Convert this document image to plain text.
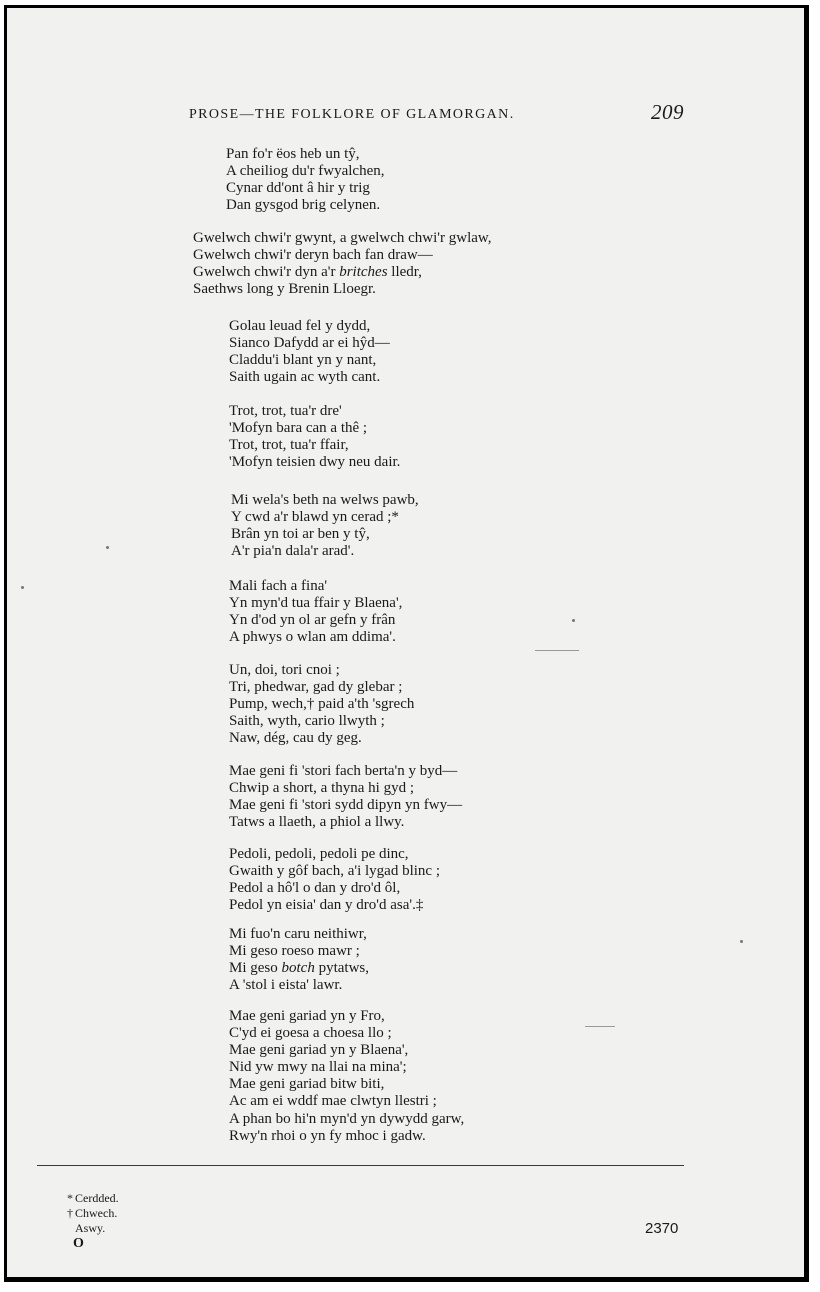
PROSE—THE FOLKLORE OF GLAMORGAN.	209
Pan fo'r ëos heb un tŷ,
A cheiliog du'r fwyalchen,
Cynar dd'ont â hir y trig
Dan gysgod brig celynen.
Gwelwch chwi'r gwynt, a gwelwch chwi'r gwlaw,
Gwelwch chwi'r deryn bach fan draw—
Gwelwch chwi'r dyn a'r britches lledr,
Saethws long y Brenin Lloegr.
Golau leuad fel y dydd,
Sianco Dafydd ar ei hŷd—
Claddu'i blant yn y nant,
Saith ugain ac wyth cant.
Trot, trot, tua'r dre'
'Mofyn bara can a thê ;
Trot, trot, tua'r ffair,
'Mofyn teisien dwy neu dair.
Mi wela's beth na welws pawb,
Y cwd a'r blawd yn cerad ;*
Brân yn toi ar ben y tŷ,
A'r pia'n dala'r arad'.
Mali fach a fina'
Yn myn'd tua ffair y Blaena',
Yn d'od yn ol ar gefn y frân
A phwys o wlan am ddima'.
Un, doi, tori cnoi ;
Tri, phedwar, gad dy glebar ;
Pump, wech,† paid a'th 'sgrech
Saith, wyth, cario llwyth ;
Naw, dég, cau dy geg.
Mae geni fi 'stori fach berta'n y byd—
Chwip a short, a thyna hi gyd ;
Mae geni fi 'stori sydd dipyn yn fwy—
Tatws a llaeth, a phiol a llwy.
Pedoli, pedoli, pedoli pe dinc,
Gwaith y gôf bach, a'i lygad blinc ;
Pedol a hô'l o dan y dro'd ôl,
Pedol yn eisia' dan y dro'd asa'.‡
Mi fuo'n caru neithiwr,
Mi geso roeso mawr ;
Mi geso botch pytatws,
A 'stol i eista' lawr.
Mae geni gariad yn y Fro,
C'yd ei goesa a choesa llo ;
Mae geni gariad yn y Blaena',
Nid yw mwy na llai na mina';
Mae geni gariad bitw biti,
Ac am ei wddf mae clwtyn llestri ;
A phan bo hi'n myn'd yn dywydd garw,
Rwy'n rhoi o yn fy mhoc i gadw.
* Cerdded.
† Chwech.
Aswy.
O
2370
